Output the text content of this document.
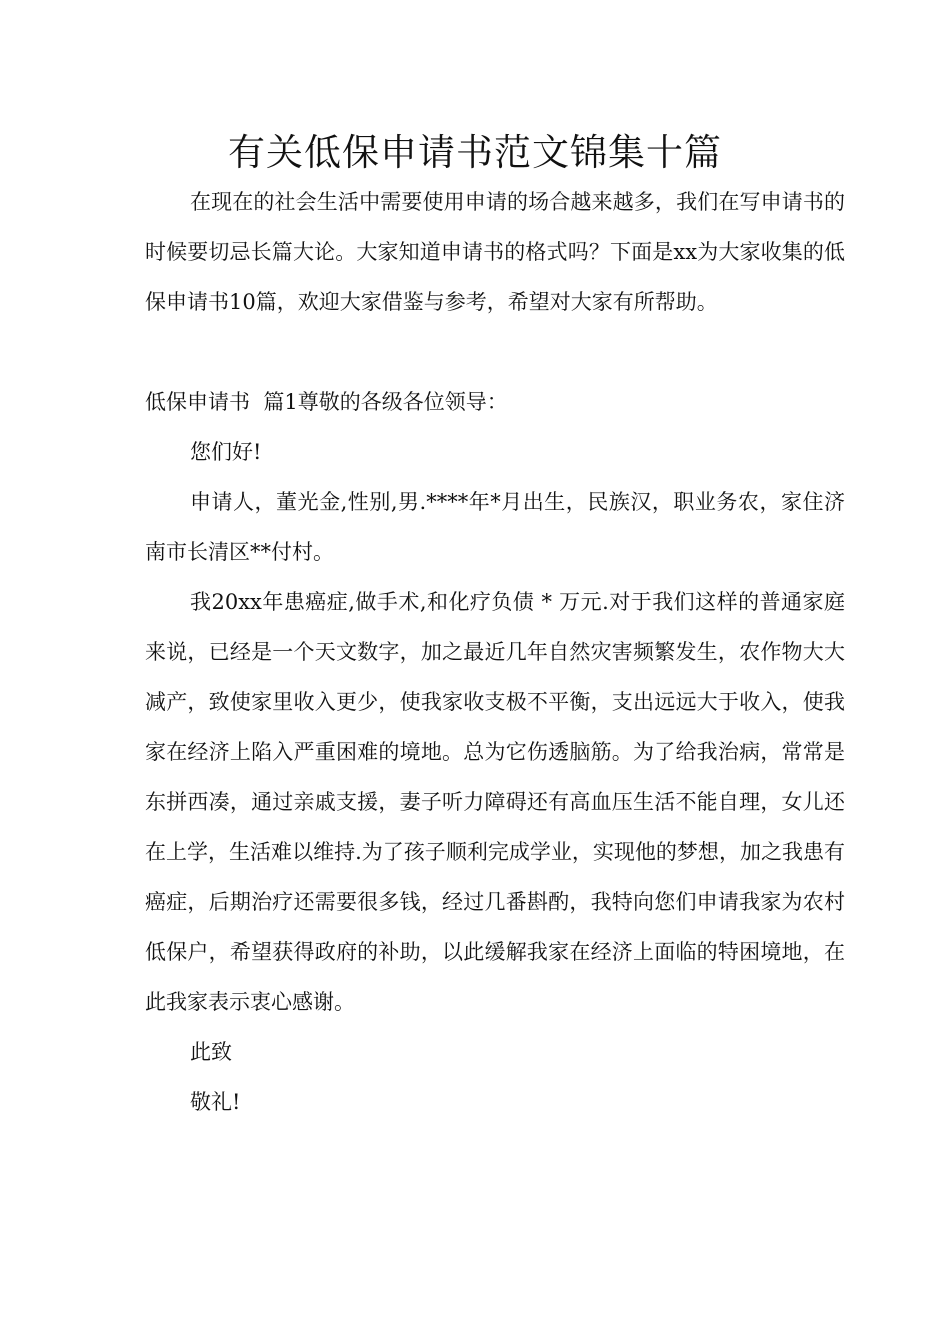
有关低保申请书范文锦集十篇

在现在的社会生活中需要使用申请的场合越来越多，我们在写申请书的时候要切忌长篇大论。大家知道申请书的格式吗？下面是xx为大家收集的低保申请书10篇，欢迎大家借鉴与参考，希望对大家有所帮助。

低保申请书  篇1尊敬的各级各位领导：

您们好!

申请人，董光金,性别,男.****年*月出生，民族汉，职业务农，家住济南市长清区**付村。

我20xx年患癌症,做手术,和化疗负债 * 万元.对于我们这样的普通家庭来说，已经是一个天文数字，加之最近几年自然灾害频繁发生，农作物大大减产，致使家里收入更少，使我家收支极不平衡，支出远远大于收入，使我家在经济上陷入严重困难的境地。总为它伤透脑筋。为了给我治病，常常是东拼西凑，通过亲戚支援，妻子听力障碍还有高血压生活不能自理，女儿还在上学，生活难以维持.为了孩子顺利完成学业，实现他的梦想，加之我患有癌症，后期治疗还需要很多钱，经过几番斟酌，我特向您们申请我家为农村低保户，希望获得政府的补助，以此缓解我家在经济上面临的特困境地，在此我家表示衷心感谢。

此致

敬礼!
